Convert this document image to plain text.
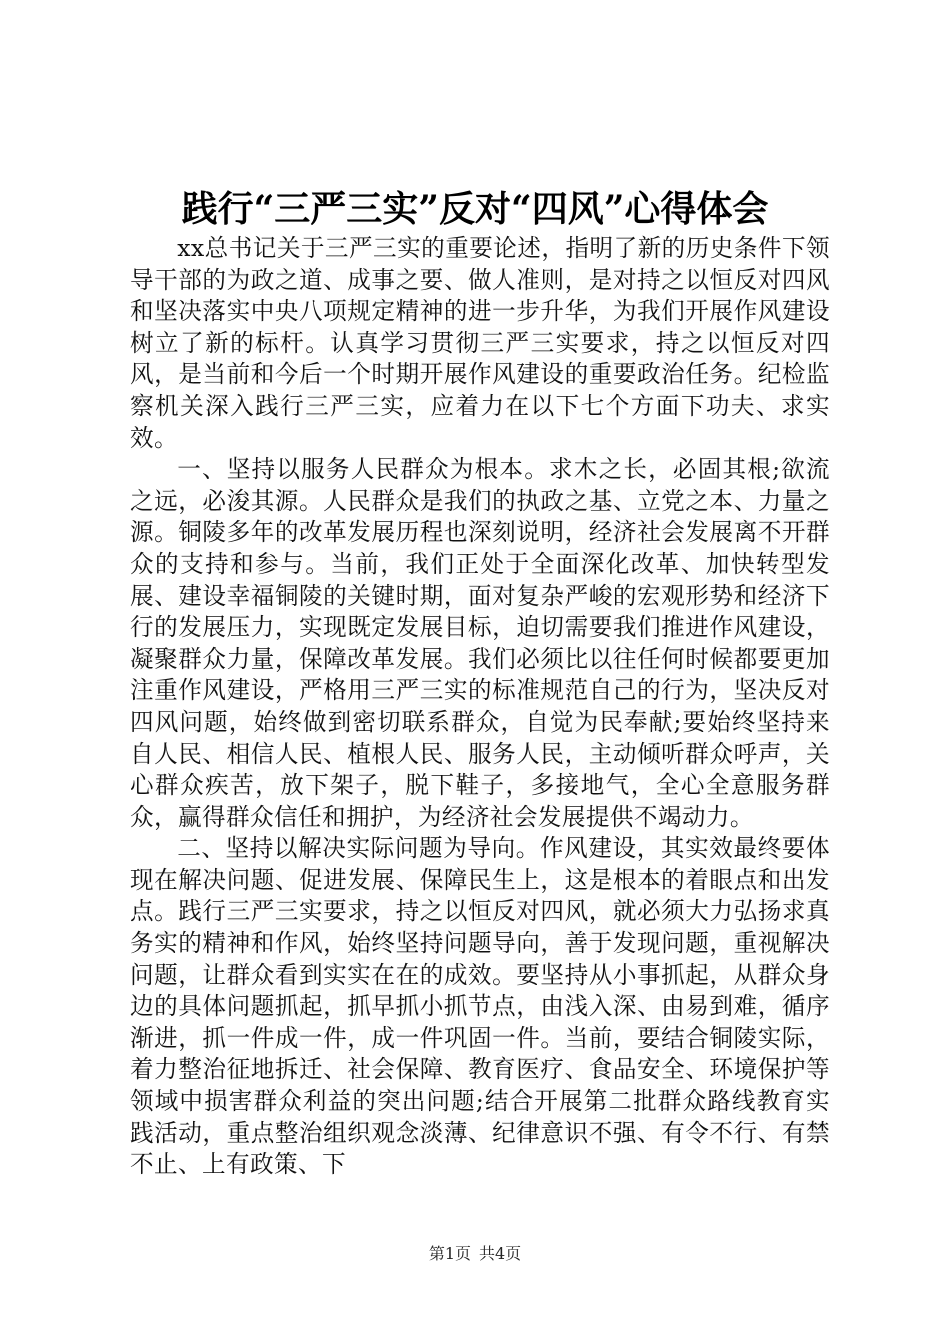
践行“三严三实”反对“四风”心得体会

xx总书记关于三严三实的重要论述，指明了新的历史条件下领导干部的为政之道、成事之要、做人准则，是对持之以恒反对四风和坚决落实中央八项规定精神的进一步升华，为我们开展作风建设树立了新的标杆。认真学习贯彻三严三实要求，持之以恒反对四风，是当前和今后一个时期开展作风建设的重要政治任务。纪检监察机关深入践行三严三实，应着力在以下七个方面下功夫、求实效。

一、坚持以服务人民群众为根本。求木之长，必固其根;欲流之远，必浚其源。人民群众是我们的执政之基、立党之本、力量之源。铜陵多年的改革发展历程也深刻说明，经济社会发展离不开群众的支持和参与。当前，我们正处于全面深化改革、加快转型发展、建设幸福铜陵的关键时期，面对复杂严峻的宏观形势和经济下行的发展压力，实现既定发展目标，迫切需要我们推进作风建设，凝聚群众力量，保障改革发展。我们必须比以往任何时候都要更加注重作风建设，严格用三严三实的标准规范自己的行为，坚决反对四风问题，始终做到密切联系群众，自觉为民奉献;要始终坚持来自人民、相信人民、植根人民、服务人民，主动倾听群众呼声，关心群众疾苦，放下架子，脱下鞋子，多接地气，全心全意服务群众，赢得群众信任和拥护，为经济社会发展提供不竭动力。

二、坚持以解决实际问题为导向。作风建设，其实效最终要体现在解决问题、促进发展、保障民生上，这是根本的着眼点和出发点。践行三严三实要求，持之以恒反对四风，就必须大力弘扬求真务实的精神和作风，始终坚持问题导向，善于发现问题，重视解决问题，让群众看到实实在在的成效。要坚持从小事抓起，从群众身边的具体问题抓起，抓早抓小抓节点，由浅入深、由易到难，循序渐进，抓一件成一件，成一件巩固一件。当前，要结合铜陵实际，着力整治征地拆迁、社会保障、教育医疗、食品安全、环境保护等领域中损害群众利益的突出问题;结合开展第二批群众路线教育实践活动，重点整治组织观念淡薄、纪律意识不强、有令不行、有禁不止、上有政策、下

第1页 共4页
